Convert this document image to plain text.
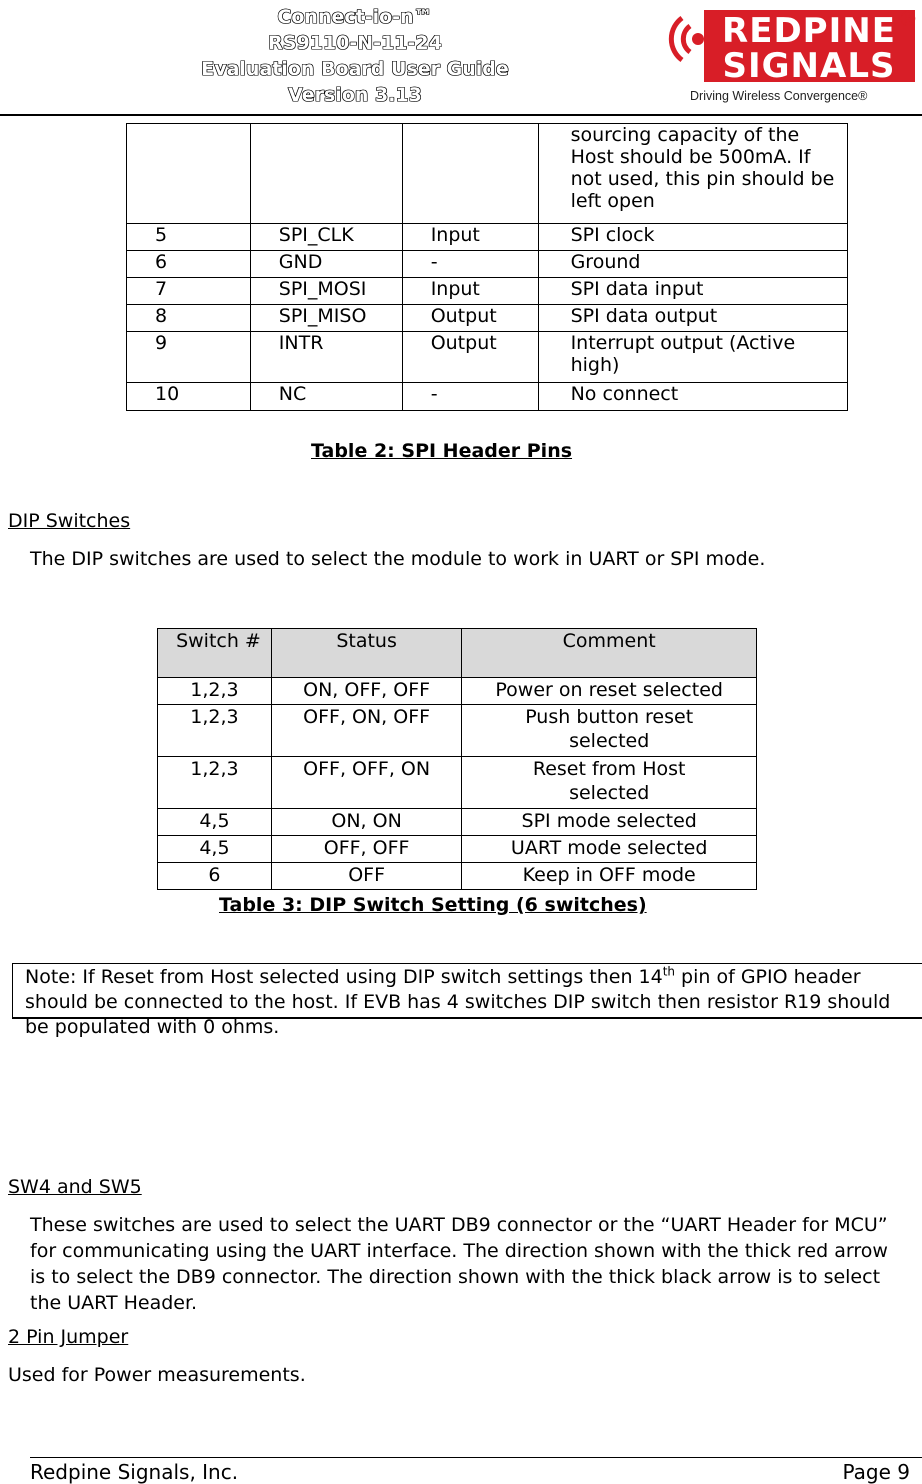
Connect-io-n™
RS9110-N-11-24
Evaluation Board User Guide
Version 3.13
REDPINE
SIGNALS
®
Driving Wireless Convergence®
			sourcing capacity of the Host should be 500mA. If not used, this pin should be left open
5	SPI_CLK	Input	SPI clock
6	GND	-	Ground
7	SPI_MOSI	Input	SPI data input
8	SPI_MISO	Output	SPI data output
9	INTR	Output	Interrupt output (Active high)
10	NC	-	No connect
Table 2: SPI Header Pins
DIP Switches
The DIP switches are used to select the module to work in UART or SPI mode.
Switch #	Status	Comment
1,2,3	ON, OFF, OFF	Power on reset selected
1,2,3	OFF, ON, OFF	Push button reset selected
1,2,3	OFF, OFF, ON	Reset from Host selected
4,5	ON, ON	SPI mode selected
4,5	OFF, OFF	UART mode selected
6	OFF	Keep in OFF mode
Table 3: DIP Switch Setting (6 switches)
Note: If Reset from Host selected using DIP switch settings then 14th pin of GPIO header should be connected to the host. If EVB has 4 switches DIP switch then resistor R19 should be populated with 0 ohms.
SW4 and SW5
These switches are used to select the UART DB9 connector or the “UART Header for MCU” for communicating using the UART interface. The direction shown with the thick red arrow is to select the DB9 connector. The direction shown with the thick black arrow is to select the UART Header.
2 Pin Jumper
Used for Power measurements.
Redpine Signals, Inc.	Page 9
